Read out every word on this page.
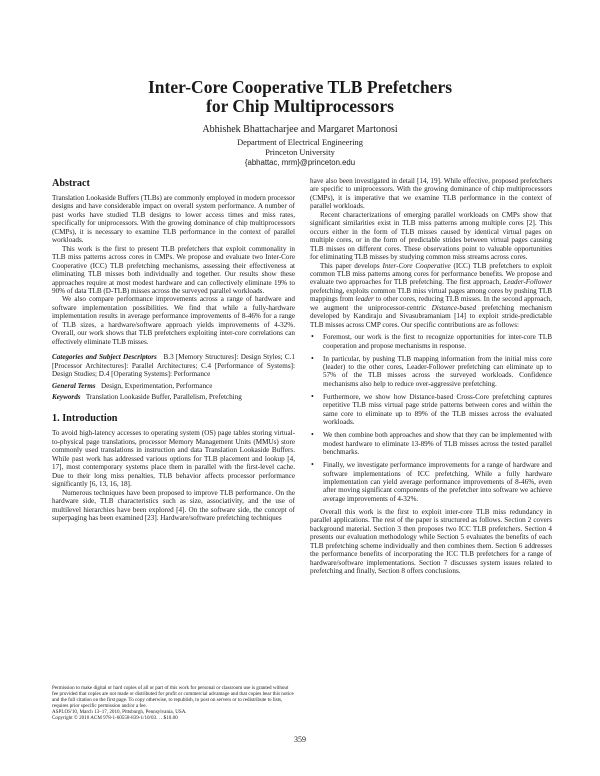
Inter-Core Cooperative TLB Prefetchers
for Chip Multiprocessors
Abhishek Bhattacharjee and Margaret Martonosi
Department of Electrical Engineering
Princeton University
{abhattac, mrm}@princeton.edu
Abstract

Translation Lookaside Buffers (TLBs) are commonly employed in modern processor designs and have considerable impact on overall system performance. A number of past works have studied TLB designs to lower access times and miss rates, specifically for uniprocessors. With the growing dominance of chip multiprocessors (CMPs), it is necessary to examine TLB performance in the context of parallel workloads.

This work is the first to present TLB prefetchers that exploit commonality in TLB miss patterns across cores in CMPs. We propose and evaluate two Inter-Core Cooperative (ICC) TLB prefetching mechanisms, assessing their effectiveness at eliminating TLB misses both individually and together. Our results show these approaches require at most modest hardware and can collectively eliminate 19% to 90% of data TLB (D-TLB) misses across the surveyed parallel workloads.

We also compare performance improvements across a range of hardware and software implementation possibilities. We find that while a fully-hardware implementation results in average performance improvements of 8-46% for a range of TLB sizes, a hardware/software approach yields improvements of 4-32%. Overall, our work shows that TLB prefetchers exploiting inter-core correlations can effectively eliminate TLB misses.

Categories and Subject Descriptors B.3 [Memory Structures]: Design Styles; C.1 [Processor Architectures]: Parallel Architectures; C.4 [Performance of Systems]: Design Studies; D.4 [Operating Systems]: Performance

General Terms Design, Experimentation, Performance

Keywords Translation Lookaside Buffer, Parallelism, Prefetching

1. Introduction

To avoid high-latency accesses to operating system (OS) page tables storing virtual-to-physical page translations, processor Memory Management Units (MMUs) store commonly used translations in instruction and data Translation Lookaside Buffers. While past work has addressed various options for TLB placement and lookup [4, 17], most contemporary systems place them in parallel with the first-level cache. Due to their long miss penalties, TLB behavior affects processor performance significantly [6, 13, 16, 18].

Numerous techniques have been proposed to improve TLB performance. On the hardware side, TLB characteristics such as size, associativity, and the use of multilevel hierarchies have been explored [4]. On the software side, the concept of superpaging has been examined [23]. Hardware/software prefetching techniques

have also been investigated in detail [14, 19]. While effective, proposed prefetchers are specific to uniprocessors. With the growing dominance of chip multiprocessors (CMPs), it is imperative that we examine TLB performance in the context of parallel workloads.

Recent characterizations of emerging parallel workloads on CMPs show that significant similarities exist in TLB miss patterns among multiple cores [2]. This occurs either in the form of TLB misses caused by identical virtual pages on multiple cores, or in the form of predictable strides between virtual pages causing TLB misses on different cores. These observations point to valuable opportunities for eliminating TLB misses by studying common miss streams across cores.

This paper develops Inter-Core Cooperative (ICC) TLB prefetchers to exploit common TLB miss patterns among cores for performance benefits. We propose and evaluate two approaches for TLB prefetching. The first approach, Leader-Follower prefetching, exploits common TLB miss virtual pages among cores by pushing TLB mappings from leader to other cores, reducing TLB misses. In the second approach, we augment the uniprocessor-centric Distance-based prefetching mechanism developed by Kandiraju and Sivasubramaniam [14] to exploit stride-predictable TLB misses across CMP cores. Our specific contributions are as follows:

• Foremost, our work is the first to recognize opportunities for inter-core TLB cooperation and propose mechanisms in response.
• In particular, by pushing TLB mapping information from the initial miss core (leader) to the other cores, Leader-Follower prefetching can eliminate up to 57% of the TLB misses across the surveyed workloads. Confidence mechanisms also help to reduce over-aggressive prefetching.
• Furthermore, we show how Distance-based Cross-Core prefetching captures repetitive TLB miss virtual page stride patterns between cores and within the same core to eliminate up to 89% of the TLB misses across the evaluated workloads.
• We then combine both approaches and show that they can be implemented with modest hardware to eliminate 13-89% of TLB misses across the tested parallel benchmarks.
• Finally, we investigate performance improvements for a range of hardware and software implementations of ICC prefetching. While a fully hardware implementation can yield average performance improvements of 8-46%, even after moving significant components of the prefetcher into software we achieve average improvements of 4-32%.

Overall this work is the first to exploit inter-core TLB miss redundancy in parallel applications. The rest of the paper is structured as follows. Section 2 covers background material. Section 3 then proposes two ICC TLB prefetchers. Section 4 presents our evaluation methodology while Section 5 evaluates the benefits of each TLB prefetching scheme individually and then combines them. Section 6 addresses the performance benefits of incorporating the ICC TLB prefetchers for a range of hardware/software implementations. Section 7 discusses system issues related to prefetching and finally, Section 8 offers conclusions.

Permission to make digital or hard copies of all or part of this work for personal or classroom use is granted without fee provided that copies are not made or distributed for profit or commercial advantage and that copies bear this notice and the full citation on the first page. To copy otherwise, to republish, to post on servers or to redistribute to lists, requires prior specific permission and/or a fee.

ASPLOS'10, March 13–17, 2010, Pittsburgh, Pennsylvania, USA.

Copyright © 2010 ACM 978-1-60558-839-1/10/03. . . $10.00

359
